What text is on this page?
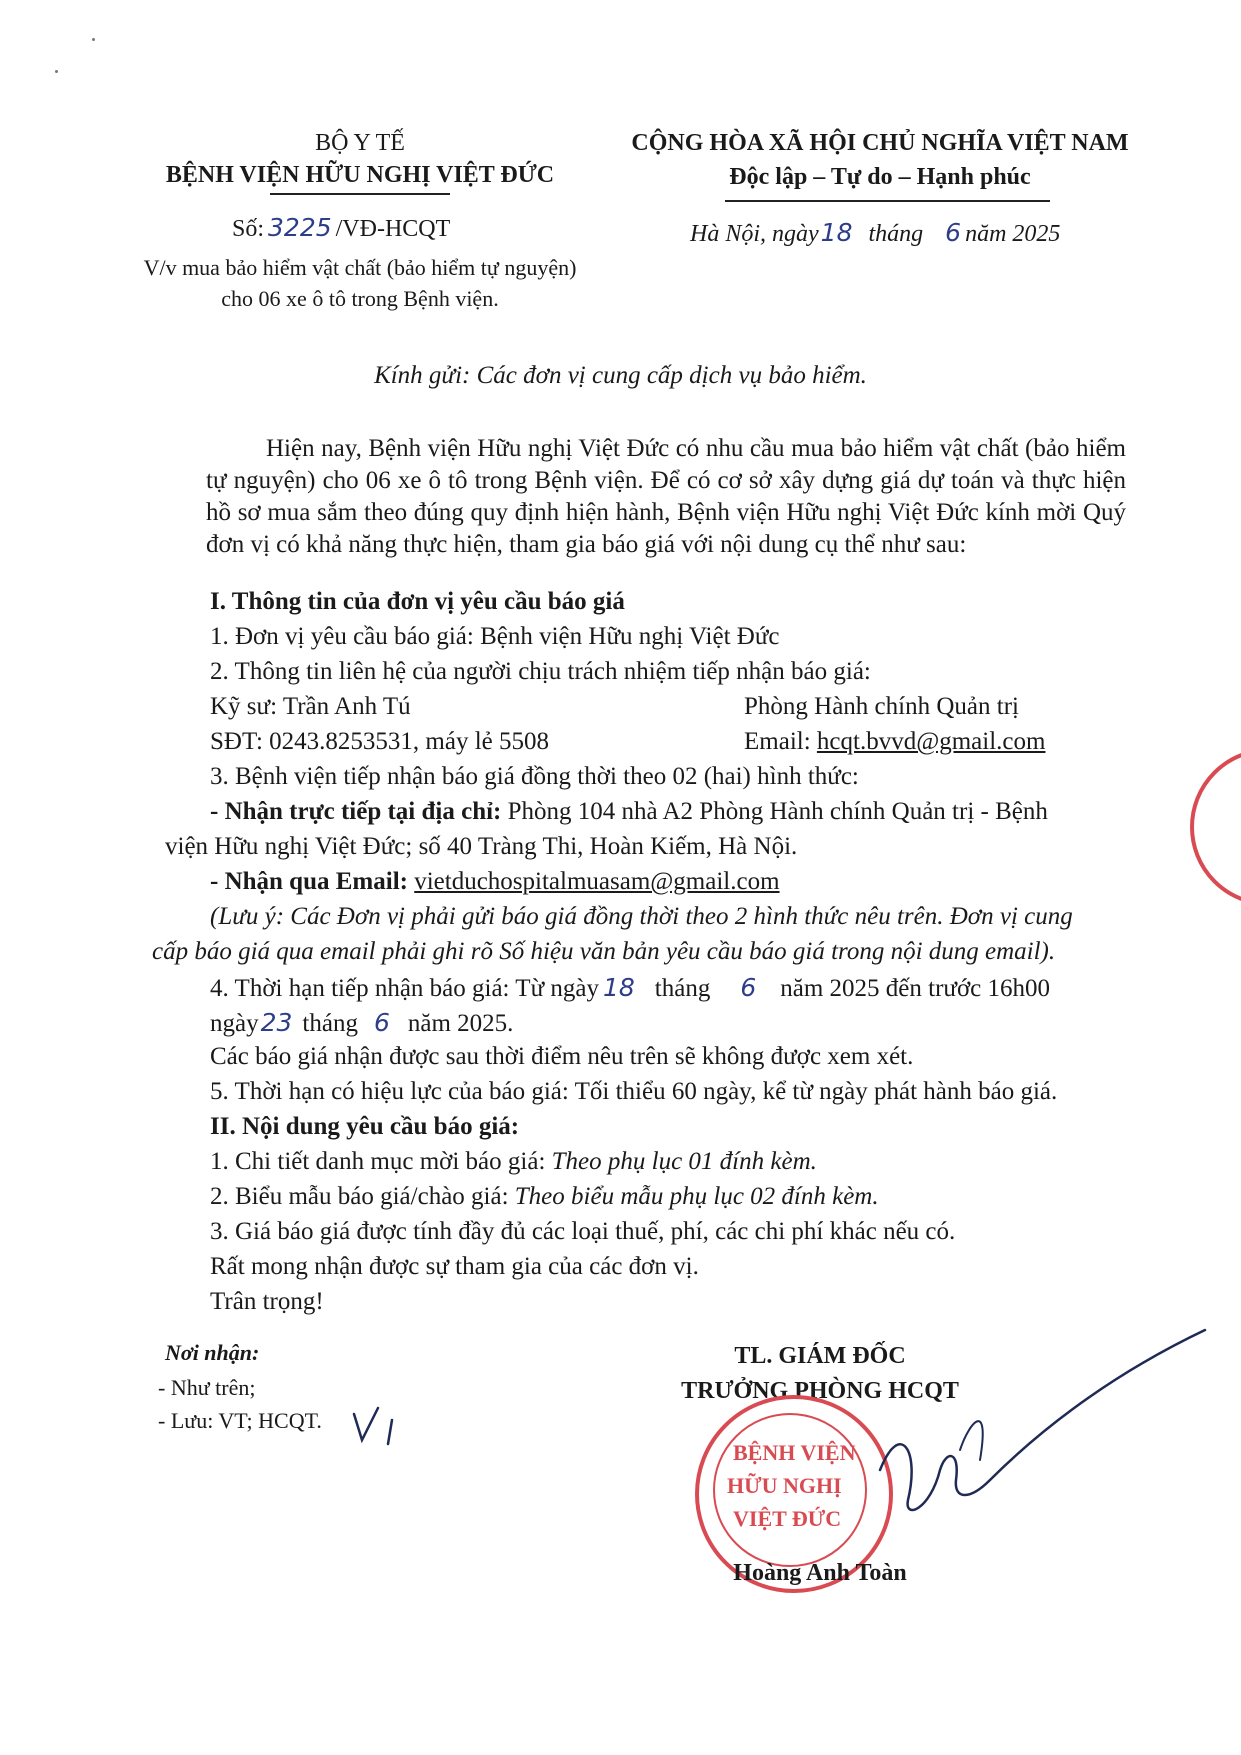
BỘ Y TẾ
BỆNH VIỆN HỮU NGHỊ VIỆT ĐỨC
Số: 3225 /VĐ-HCQT
V/v mua bảo hiểm vật chất (bảo hiểm tự nguyện)
cho 06 xe ô tô trong Bệnh viện.
CỘNG HÒA XÃ HỘI CHỦ NGHĨA VIỆT NAM
Độc lập – Tự do – Hạnh phúc
Hà Nội, ngày18 tháng 6 năm 2025
Kính gửi: Các đơn vị cung cấp dịch vụ bảo hiểm.
Hiện nay, Bệnh viện Hữu nghị Việt Đức có nhu cầu mua bảo hiểm vật chất (bảo hiểm tự nguyện) cho 06 xe ô tô trong Bệnh viện. Để có cơ sở xây dựng giá dự toán và thực hiện hồ sơ mua sắm theo đúng quy định hiện hành, Bệnh viện Hữu nghị Việt Đức kính mời Quý đơn vị có khả năng thực hiện, tham gia báo giá với nội dung cụ thể như sau:
I. Thông tin của đơn vị yêu cầu báo giá
1. Đơn vị yêu cầu báo giá: Bệnh viện Hữu nghị Việt Đức
2. Thông tin liên hệ của người chịu trách nhiệm tiếp nhận báo giá:
Kỹ sư: Trần Anh Tú	Phòng Hành chính Quản trị
SĐT: 0243.8253531, máy lẻ 5508	Email: hcqt.bvvd@gmail.com
3. Bệnh viện tiếp nhận báo giá đồng thời theo 02 (hai) hình thức:
- Nhận trực tiếp tại địa chỉ: Phòng 104 nhà A2 Phòng Hành chính Quản trị - Bệnh
viện Hữu nghị Việt Đức; số 40 Tràng Thi, Hoàn Kiếm, Hà Nội.
- Nhận qua Email: vietduchospitalmuasam@gmail.com
(Lưu ý: Các Đơn vị phải gửi báo giá đồng thời theo 2 hình thức nêu trên. Đơn vị cung
cấp báo giá qua email phải ghi rõ Số hiệu văn bản yêu cầu báo giá trong nội dung email).
4. Thời hạn tiếp nhận báo giá: Từ ngày 18 tháng 6 năm 2025 đến trước 16h00
ngày23 tháng 6 năm 2025.
Các báo giá nhận được sau thời điểm nêu trên sẽ không được xem xét.
5. Thời hạn có hiệu lực của báo giá: Tối thiểu 60 ngày, kể từ ngày phát hành báo giá.
II. Nội dung yêu cầu báo giá:
1. Chi tiết danh mục mời báo giá: Theo phụ lục 01 đính kèm.
2. Biểu mẫu báo giá/chào giá: Theo biểu mẫu phụ lục 02 đính kèm.
3. Giá báo giá được tính đầy đủ các loại thuế, phí, các chi phí khác nếu có.
Rất mong nhận được sự tham gia của các đơn vị.
Trân trọng!
Nơi nhận:
- Như trên;
- Lưu: VT; HCQT.
TL. GIÁM ĐỐC
TRƯỞNG PHÒNG HCQT
BỆNH VIỆN
HỮU NGHỊ
VIỆT ĐỨC
Hoàng Anh Toàn
